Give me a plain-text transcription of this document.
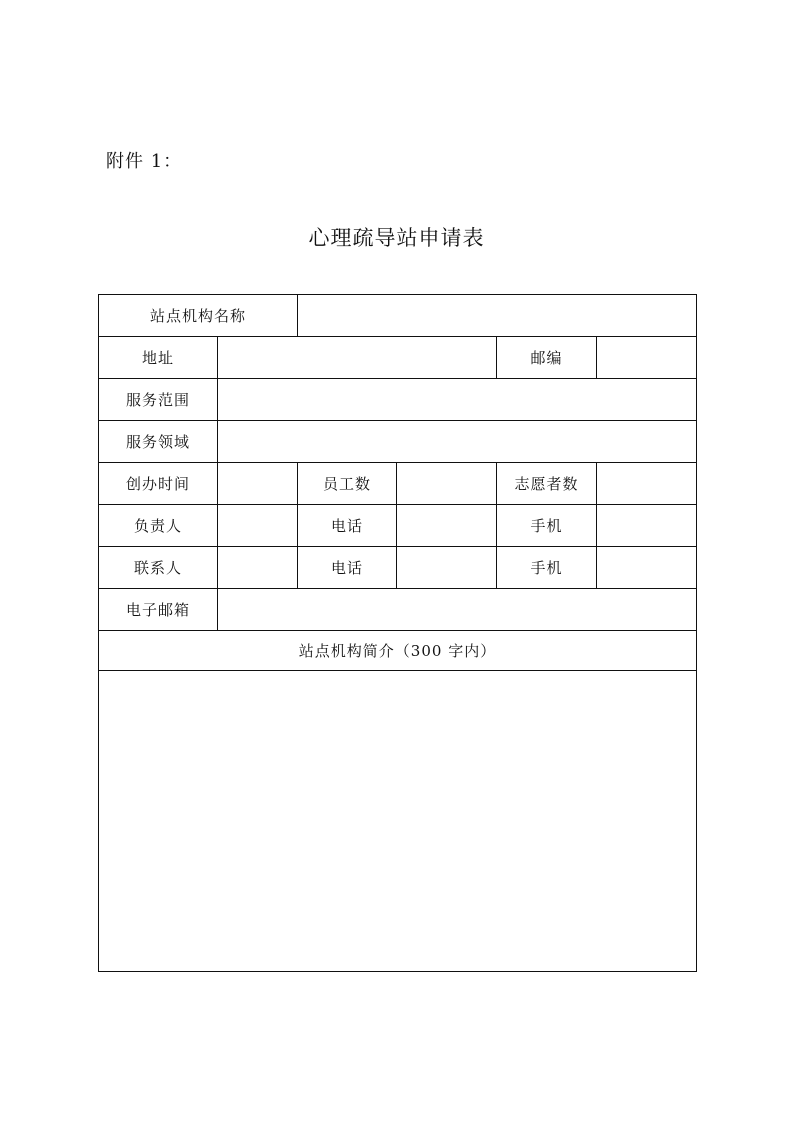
附件 1：
心理疏导站申请表
站点机构名称					
地址				邮编	
服务范围					
服务领域					
创办时间		员工数		志愿者数	
负责人		电话		手机	
联系人		电话		手机	
电子邮箱					
站点机构简介（300 字内）					
